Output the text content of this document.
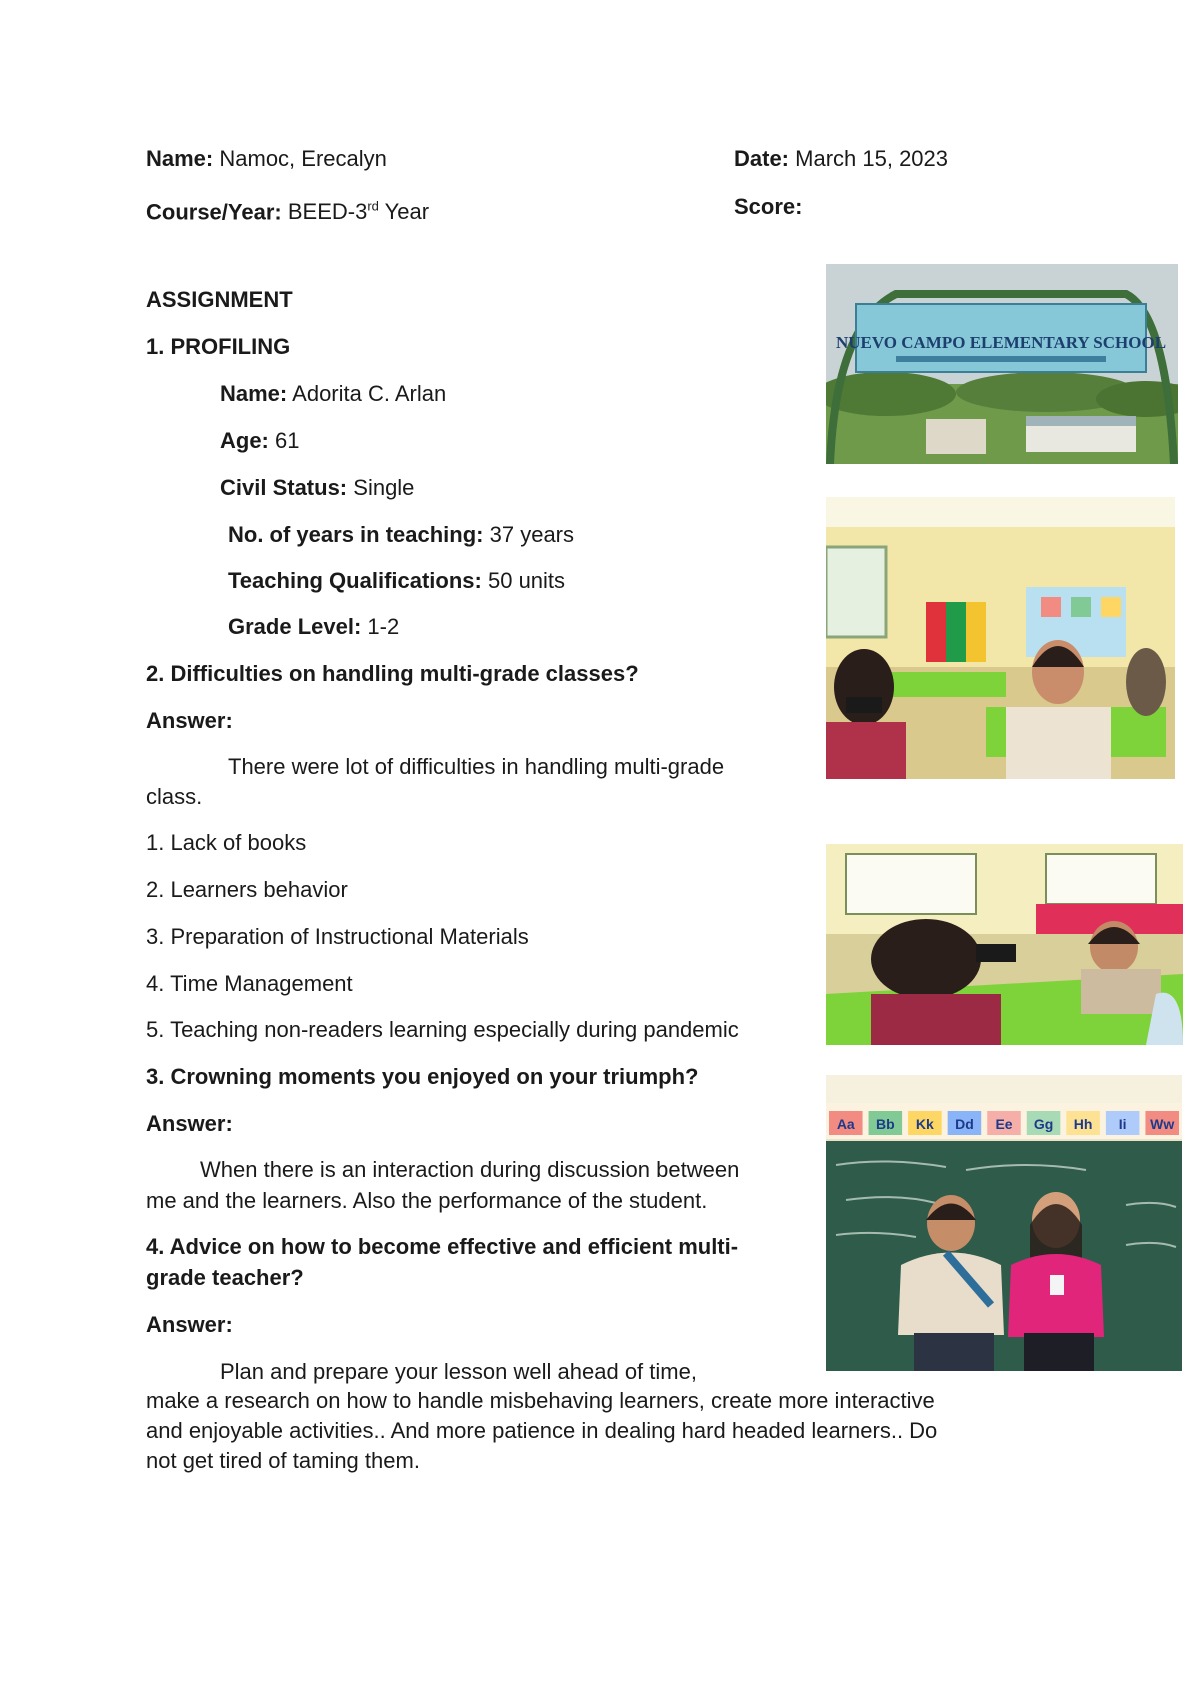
Name: Namoc, Erecalyn	Date: March 15, 2023
Course/Year: BEED-3rd Year	Score:
ASSIGNMENT
1. PROFILING
Name: Adorita C. Arlan
Age: 61
Civil Status: Single
No. of years in teaching: 37 years
Teaching Qualifications: 50 units
Grade Level: 1-2
2. Difficulties on handling multi-grade classes?
Answer:
There were lot of difficulties in handling multi-grade
class.
1. Lack of books
2. Learners behavior
3. Preparation of Instructional Materials
4. Time Management
5. Teaching non-readers learning especially during pandemic
3. Crowning moments you enjoyed on your triumph?
Answer:
When there is an interaction during discussion between
me and the learners. Also the performance of the student.
4. Advice on how to become effective and efficient multi-
grade teacher?
Answer:
Plan and prepare your lesson well ahead of time,
make a research on how to handle misbehaving learners, create more interactive
and enjoyable activities.. And more patience in dealing hard headed learners.. Do
not get tired of taming them.
NUEVO CAMPO ELEMENTARY SCHOOL
Aa Bb Kk Dd Ee Gg Hh Ii Ww
